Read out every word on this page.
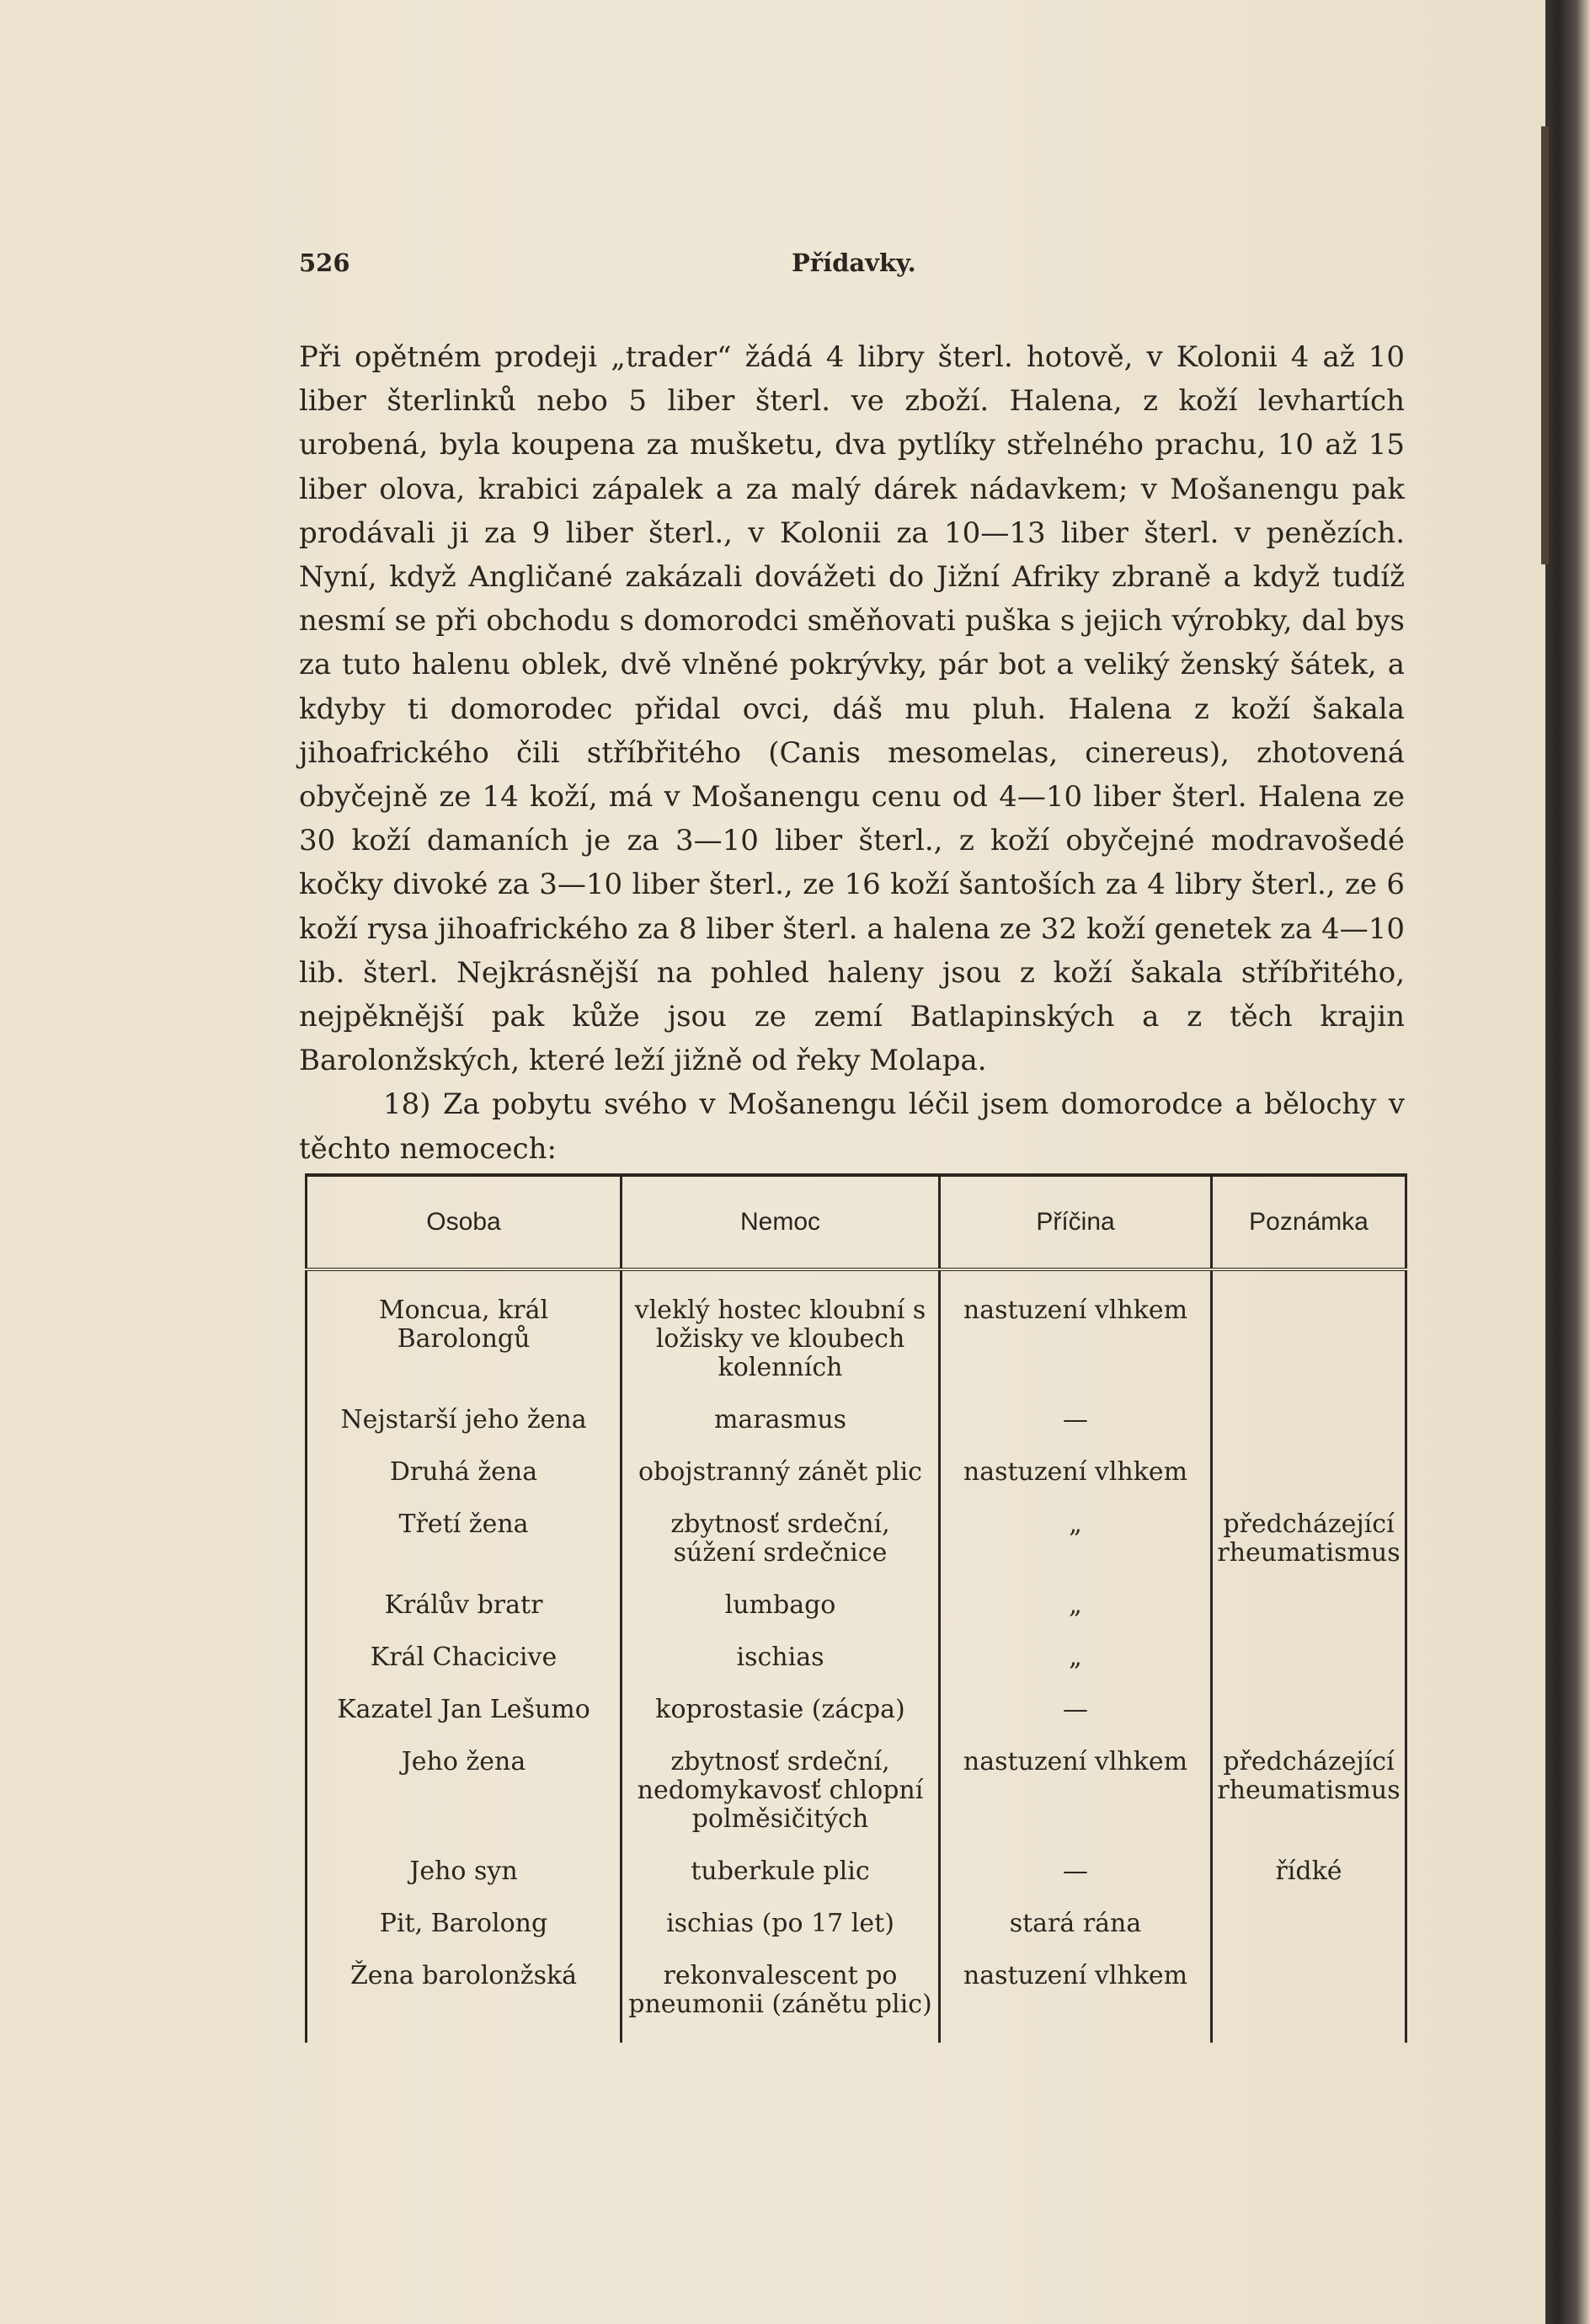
526	Přídavky.

Při opětném prodeji „trader“ žádá 4 libry šterl. hotově, v Kolonii 4 až 10 liber šterlinků nebo 5 liber šterl. ve zboží. Halena, z koží levhartích urobená, byla koupena za mušketu, dva pytlíky střelného prachu, 10 až 15 liber olova, krabici zápalek a za malý dárek nádavkem; v Mošanengu pak prodávali ji za 9 liber šterl., v Kolonii za 10—13 liber šterl. v penězích. Nyní, když Angličané zakázali dovážeti do Jižní Afriky zbraně a když tudíž nesmí se při obchodu s domorodci směňovati puška s jejich výrobky, dal bys za tuto halenu oblek, dvě vlněné pokrývky, pár bot a veliký ženský šátek, a kdyby ti domorodec přidal ovci, dáš mu pluh. Halena z koží šakala jihoafrického čili stříbřitého (Canis mesomelas, cinereus), zhotovená obyčejně ze 14 koží, má v Mošanengu cenu od 4—10 liber šterl. Halena ze 30 koží damaních je za 3—10 liber šterl., z koží obyčejné modravošedé kočky divoké za 3—10 liber šterl., ze 16 koží šantoších za 4 libry šterl., ze 6 koží rysa jihoafrického za 8 liber šterl. a halena ze 32 koží genetek za 4—10 lib. šterl. Nejkrásnější na pohled haleny jsou z koží šakala stříbřitého, nejpěknější pak kůže jsou ze zemí Batlapinských a z těch krajin Barolonžských, které leží jižně od řeky Molapa.

18) Za pobytu svého v Mošanengu léčil jsem domorodce a bělochy v těchto nemocech:

Osoba	Nemoc	Příčina	Poznámka
Moncua, král Barolongů	vleklý hostec kloubní s ložisky ve kloubech kolenních	nastuzení vlhkem	
Nejstarší jeho žena	marasmus	—	
Druhá žena	obojstranný zánět plic	nastuzení vlhkem	
Třetí žena	zbytnosť srdeční, súžení srdečnice	„	předcházející rheumatismus
Králův bratr	lumbago	„	
Král Chacicive	ischias	„	
Kazatel Jan Lešumo	koprostasie (zácpa)	—	
Jeho žena	zbytnosť srdeční, nedomykavosť chlopní polměsičitých	nastuzení vlhkem	předcházející rheumatismus
Jeho syn	tuberkule plic	—	řídké
Pit, Barolong	ischias (po 17 let)	stará rána	
Žena barolonžská	rekonvalescent po pneumonii (zánětu plic)	nastuzení vlhkem	
